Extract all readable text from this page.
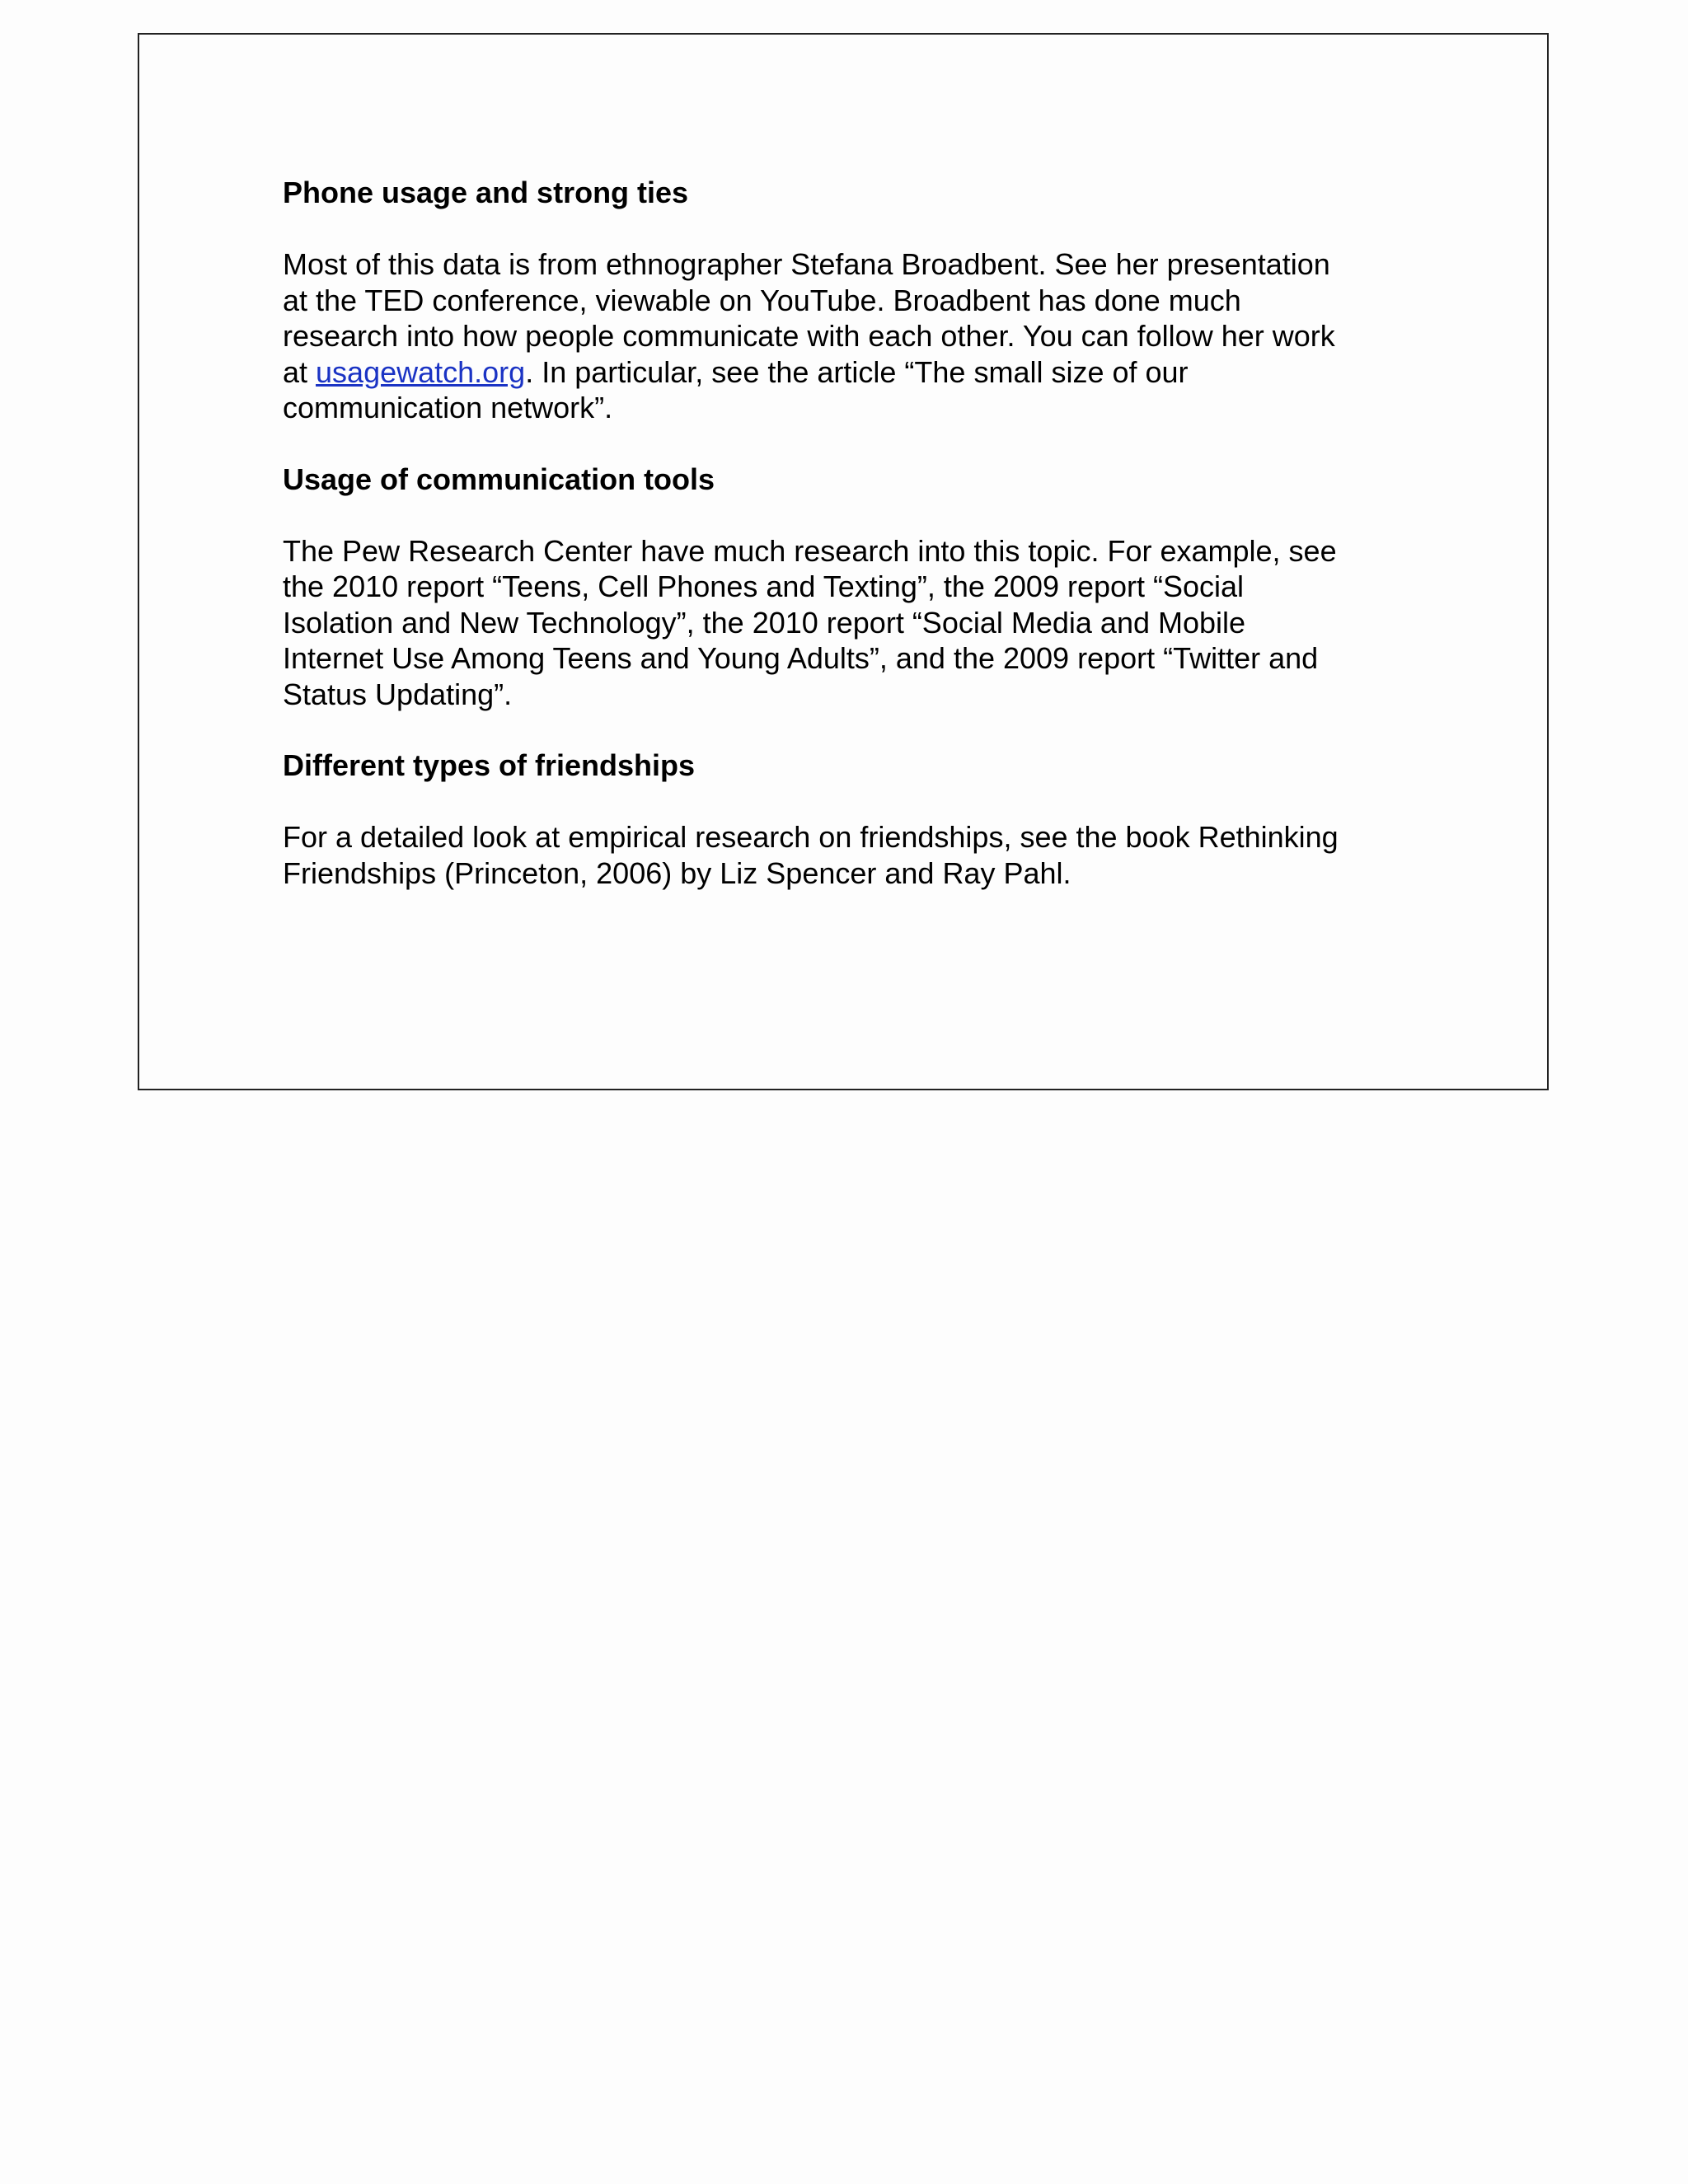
Phone usage and strong ties

Most of this data is from ethnographer Stefana Broadbent. See her presentation
at the TED conference, viewable on YouTube. Broadbent has done much
research into how people communicate with each other. You can follow her work
at usagewatch.org. In particular, see the article “The small size of our
communication network”.

Usage of communication tools

The Pew Research Center have much research into this topic. For example, see
the 2010 report “Teens, Cell Phones and Texting”, the 2009 report “Social
Isolation and New Technology”, the 2010 report “Social Media and Mobile
Internet Use Among Teens and Young Adults”, and the 2009 report “Twitter and
Status Updating”.

Different types of friendships

For a detailed look at empirical research on friendships, see the book Rethinking
Friendships (Princeton, 2006) by Liz Spencer and Ray Pahl.
